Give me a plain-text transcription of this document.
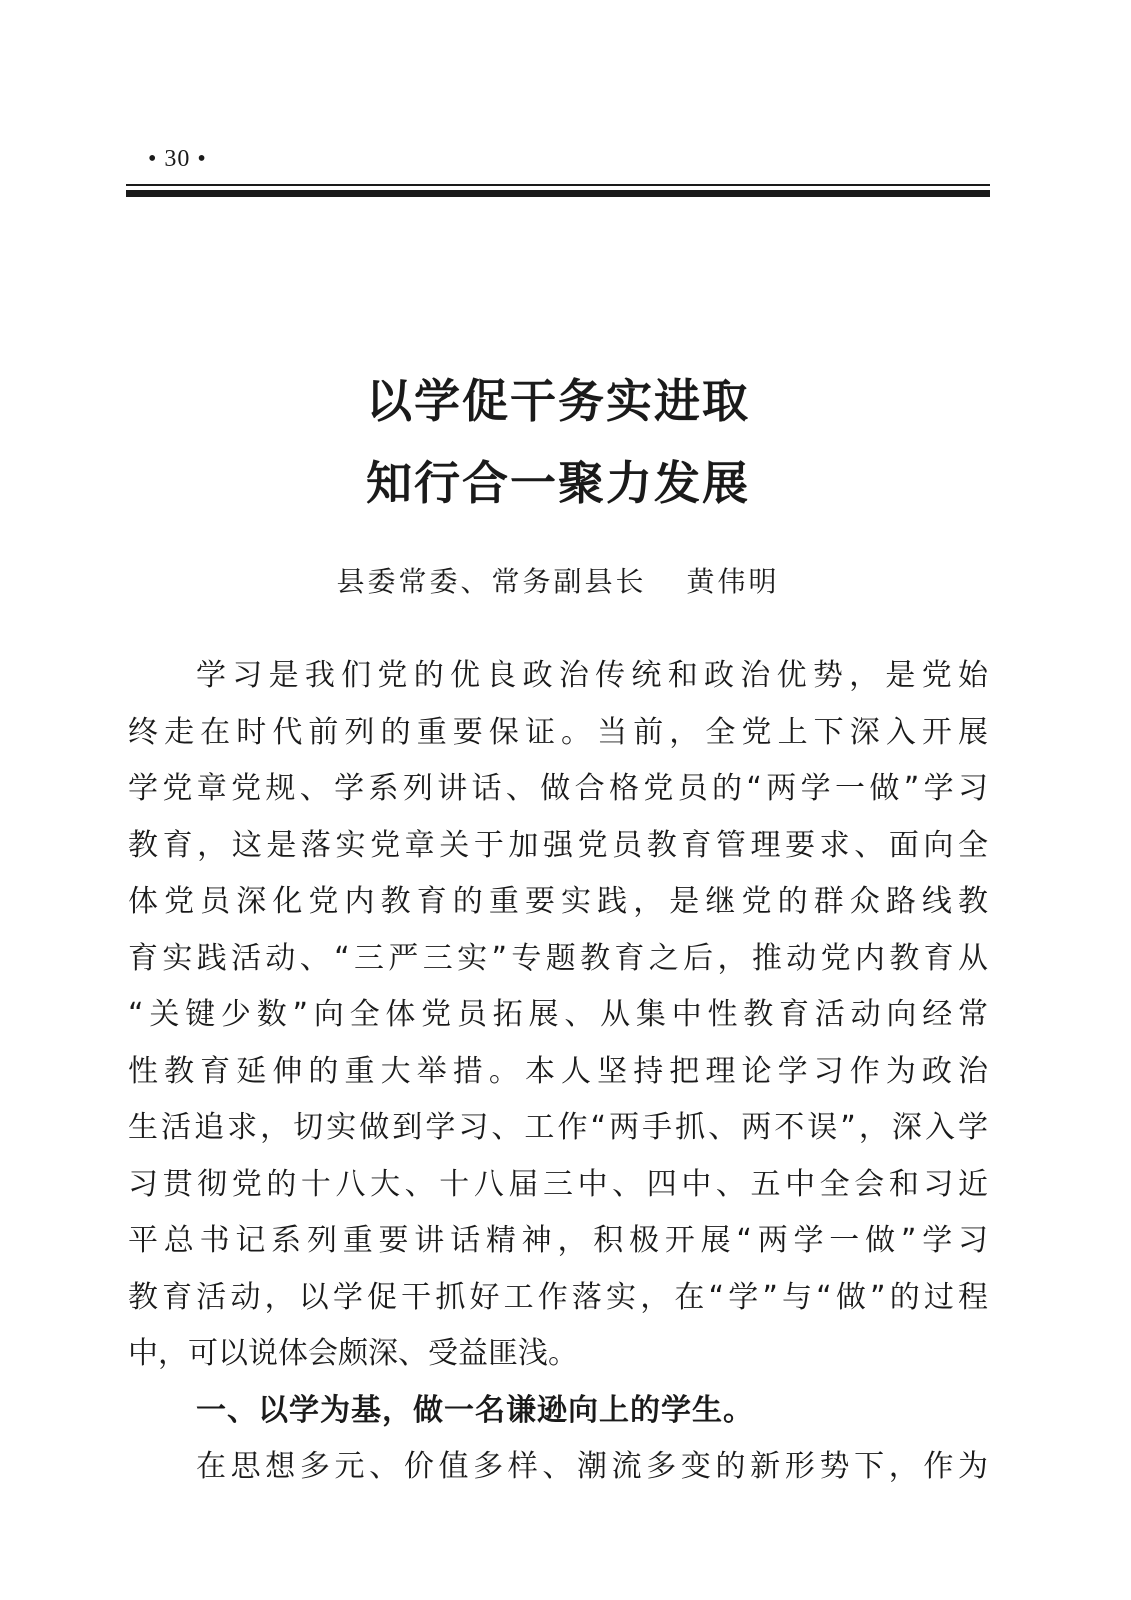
• 30 •
以学促干务实进取
知行合一聚力发展
县委常委、常务副县长 黄伟明
学习是我们党的优良政治传统和政治优势，是党始
终走在时代前列的重要保证。当前，全党上下深入开展
学党章党规、学系列讲话、做合格党员的“两学一做”学习
教育，这是落实党章关于加强党员教育管理要求、面向全
体党员深化党内教育的重要实践，是继党的群众路线教
育实践活动、“三严三实”专题教育之后，推动党内教育从
“关键少数”向全体党员拓展、从集中性教育活动向经常
性教育延伸的重大举措。本人坚持把理论学习作为政治
生活追求，切实做到学习、工作“两手抓、两不误”，深入学
习贯彻党的十八大、十八届三中、四中、五中全会和习近
平总书记系列重要讲话精神，积极开展“两学一做”学习
教育活动，以学促干抓好工作落实，在“学”与“做”的过程
中，可以说体会颇深、受益匪浅。
一、以学为基，做一名谦逊向上的学生。
在思想多元、价值多样、潮流多变的新形势下，作为
